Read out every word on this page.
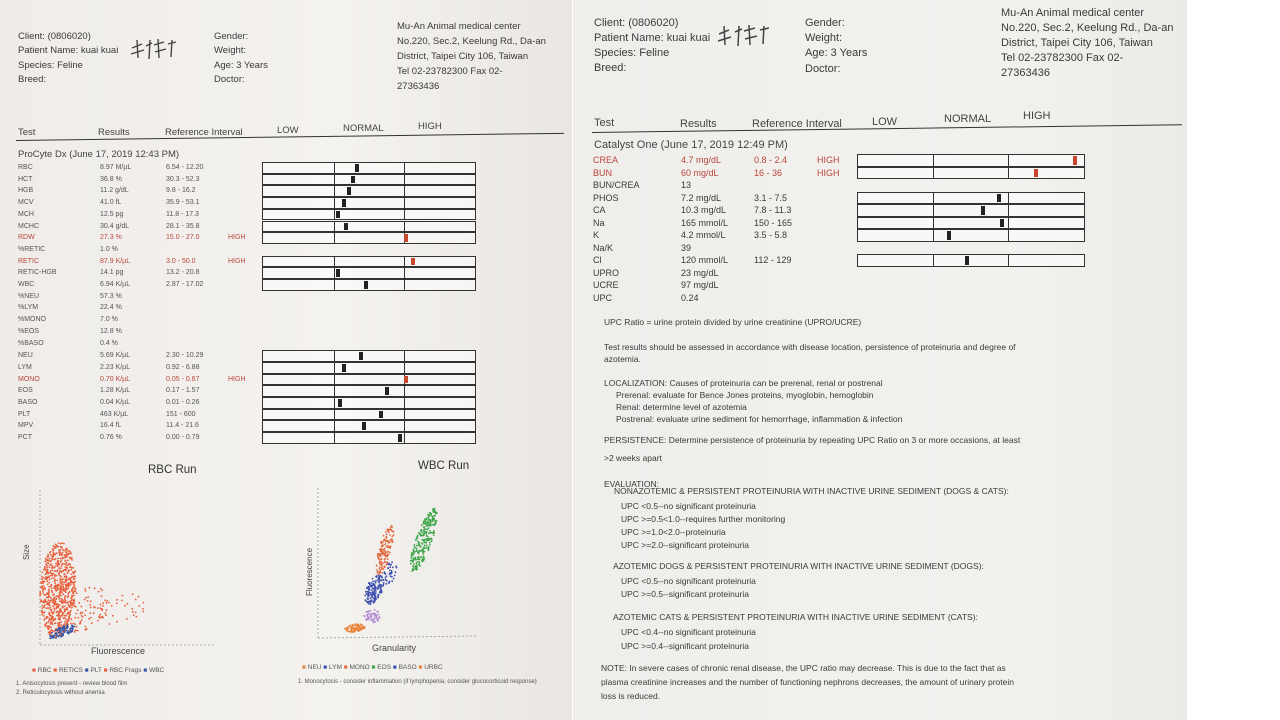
Client: (0806020)
Patient Name: kuai kuai
Species: Feline
Breed:
Gender:
Weight:
Age: 3 Years
Doctor:
Mu-An Animal medical center
No.220, Sec.2, Keelung Rd., Da-an District, Taipei City 106, Taiwan
Tel 02-23782300 Fax 02-27363436
Test	Results	Reference Interval	LOW	NORMAL	HIGH
ProCyte Dx (June 17, 2019 12:43 PM)
RBC	8.97 M/µL	6.54 - 12.20
HCT	36.8 %	30.3 - 52.3
HGB	11.2 g/dL	9.8 - 16.2
MCV	41.0 fL	35.9 - 53.1
MCH	12.5 pg	11.8 - 17.3
MCHC	30.4 g/dL	28.1 - 35.8
RDW	27.3 %	15.0 - 27.0	HIGH
%RETIC	1.0 %
RETIC	87.9 K/µL	3.0 - 50.0	HIGH
RETIC-HGB	14.1 pg	13.2 - 20.8
WBC	6.94 K/µL	2.87 - 17.02
%NEU	57.3 %
%LYM	22.4 %
%MONO	7.0 %
%EOS	12.8 %
%BASO	0.4 %
NEU	5.69 K/µL	2.30 - 10.29
LYM	2.23 K/µL	0.92 - 6.88
MONO	0.70 K/µL	0.05 - 0.67	HIGH
EOS	1.28 K/µL	0.17 - 1.57
BASO	0.04 K/µL	0.01 - 0.26
PLT	463 K/µL	151 - 600
MPV	16.4 fL	11.4 - 21.6
PCT	0.76 %	0.00 - 0.79
RBC Run
Fluorescence
Size
■ RBC ■ RETICS ■ PLT ■ RBC Frags ■ WBC
1. Anisocytosis present - review blood film
2. Reticulocytosis without anemia
WBC Run
Granularity
Fluorescence
■ NEU ■ LYM ■ MONO ■ EOS ■ BASO ■ URBC
1. Monocytosis - consider inflammation (if lymphopenia, consider glucocorticoid response)
Client: (0806020)
Patient Name: kuai kuai
Species: Feline
Breed:
Gender:
Weight:
Age: 3 Years
Doctor:
Mu-An Animal medical center
No.220, Sec.2, Keelung Rd., Da-an District, Taipei City 106, Taiwan
Tel 02-23782300 Fax 02-27363436
Test	Results	Reference Interval	LOW	NORMAL	HIGH
Catalyst One (June 17, 2019 12:49 PM)
CREA	4.7 mg/dL	0.8 - 2.4	HIGH
BUN	60 mg/dL	16 - 36	HIGH
BUN/CREA	13
PHOS	7.2 mg/dL	3.1 - 7.5
CA	10.3 mg/dL	7.8 - 11.3
Na	165 mmol/L	150 - 165
K	4.2 mmol/L	3.5 - 5.8
Na/K	39
Cl	120 mmol/L	112 - 129
UPRO	23 mg/dL
UCRE	97 mg/dL
UPC	0.24
UPC Ratio = urine protein divided by urine creatinine (UPRO/UCRE)
Test results should be assessed in accordance with disease location, persistence of proteinuria and degree of
azotemia.
LOCALIZATION: Causes of proteinuria can be prerenal, renal or postrenal
Prerenal: evaluate for Bence Jones proteins, myoglobin, hemoglobin
Renal: determine level of azotemia
Postrenal: evaluate urine sediment for hemorrhage, inflammation & infection
PERSISTENCE: Determine persistence of proteinuria by repeating UPC Ratio on 3 or more occasions, at least
>2 weeks apart
EVALUATION:
NONAZOTEMIC & PERSISTENT PROTEINURIA WITH INACTIVE URINE SEDIMENT (DOGS & CATS):
UPC <0.5--no significant proteinuria
UPC >=0.5<1.0--requires further monitoring
UPC >=1.0<2.0--proteinuria
UPC >=2.0--significant proteinuria
AZOTEMIC DOGS & PERSISTENT PROTEINURIA WITH INACTIVE URINE SEDIMENT (DOGS):
UPC <0.5--no significant proteinuria
UPC >=0.5--significant proteinuria
AZOTEMIC CATS & PERSISTENT PROTEINURIA WITH INACTIVE URINE SEDIMENT (CATS):
UPC <0.4--no significant proteinuria
UPC >=0.4--significant proteinuria
NOTE: In severe cases of chronic renal disease, the UPC ratio may decrease. This is due to the fact that as
plasma creatinine increases and the number of functioning nephrons decreases, the amount of urinary protein
loss is reduced.
